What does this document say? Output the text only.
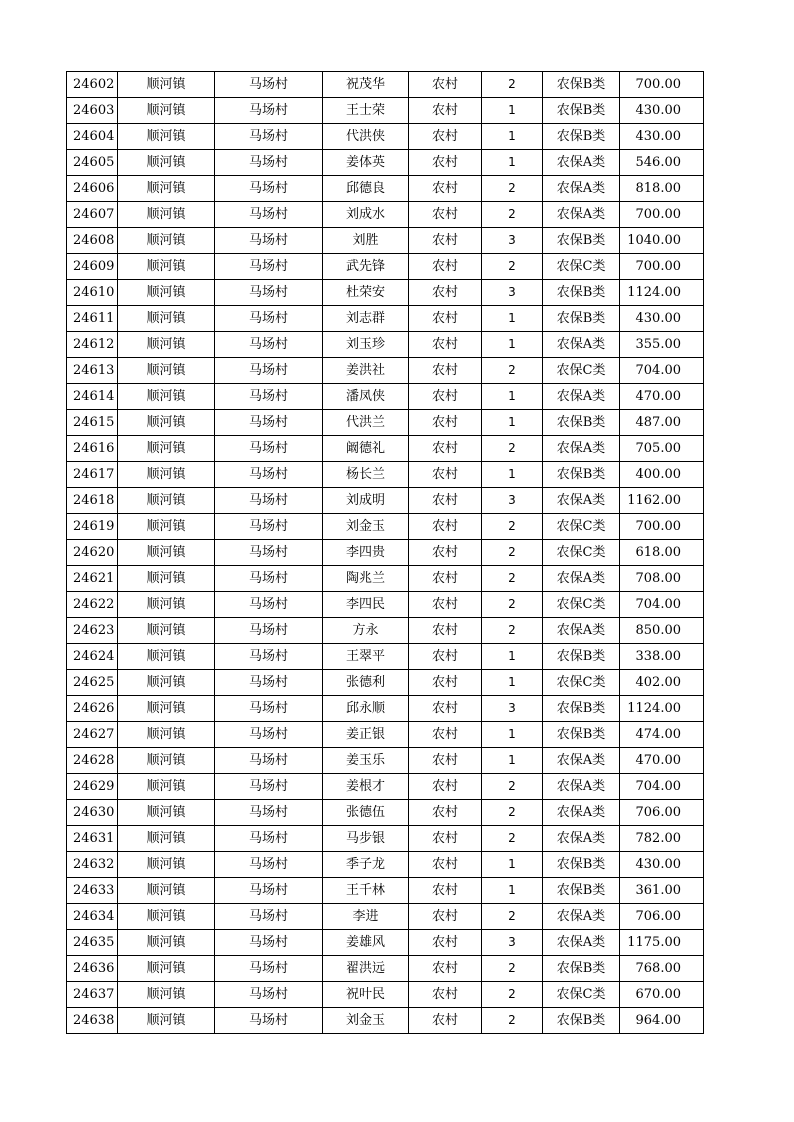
24602	顺河镇	马场村	祝茂华	农村	2	农保B类	700.00
24603	顺河镇	马场村	王士荣	农村	1	农保B类	430.00
24604	顺河镇	马场村	代洪侠	农村	1	农保B类	430.00
24605	顺河镇	马场村	姜体英	农村	1	农保A类	546.00
24606	顺河镇	马场村	邱德良	农村	2	农保A类	818.00
24607	顺河镇	马场村	刘成水	农村	2	农保A类	700.00
24608	顺河镇	马场村	刘胜	农村	3	农保B类	1040.00
24609	顺河镇	马场村	武先锋	农村	2	农保C类	700.00
24610	顺河镇	马场村	杜荣安	农村	3	农保B类	1124.00
24611	顺河镇	马场村	刘志群	农村	1	农保B类	430.00
24612	顺河镇	马场村	刘玉珍	农村	1	农保A类	355.00
24613	顺河镇	马场村	姜洪社	农村	2	农保C类	704.00
24614	顺河镇	马场村	潘凤侠	农村	1	农保A类	470.00
24615	顺河镇	马场村	代洪兰	农村	1	农保B类	487.00
24616	顺河镇	马场村	阚德礼	农村	2	农保A类	705.00
24617	顺河镇	马场村	杨长兰	农村	1	农保B类	400.00
24618	顺河镇	马场村	刘成明	农村	3	农保A类	1162.00
24619	顺河镇	马场村	刘金玉	农村	2	农保C类	700.00
24620	顺河镇	马场村	李四贵	农村	2	农保C类	618.00
24621	顺河镇	马场村	陶兆兰	农村	2	农保A类	708.00
24622	顺河镇	马场村	李四民	农村	2	农保C类	704.00
24623	顺河镇	马场村	方永	农村	2	农保A类	850.00
24624	顺河镇	马场村	王翠平	农村	1	农保B类	338.00
24625	顺河镇	马场村	张德利	农村	1	农保C类	402.00
24626	顺河镇	马场村	邱永顺	农村	3	农保B类	1124.00
24627	顺河镇	马场村	姜正银	农村	1	农保B类	474.00
24628	顺河镇	马场村	姜玉乐	农村	1	农保A类	470.00
24629	顺河镇	马场村	姜根才	农村	2	农保A类	704.00
24630	顺河镇	马场村	张德伍	农村	2	农保A类	706.00
24631	顺河镇	马场村	马步银	农村	2	农保A类	782.00
24632	顺河镇	马场村	季子龙	农村	1	农保B类	430.00
24633	顺河镇	马场村	王千林	农村	1	农保B类	361.00
24634	顺河镇	马场村	李进	农村	2	农保A类	706.00
24635	顺河镇	马场村	姜雄风	农村	3	农保A类	1175.00
24636	顺河镇	马场村	翟洪远	农村	2	农保B类	768.00
24637	顺河镇	马场村	祝叶民	农村	2	农保C类	670.00
24638	顺河镇	马场村	刘金玉	农村	2	农保B类	964.00
